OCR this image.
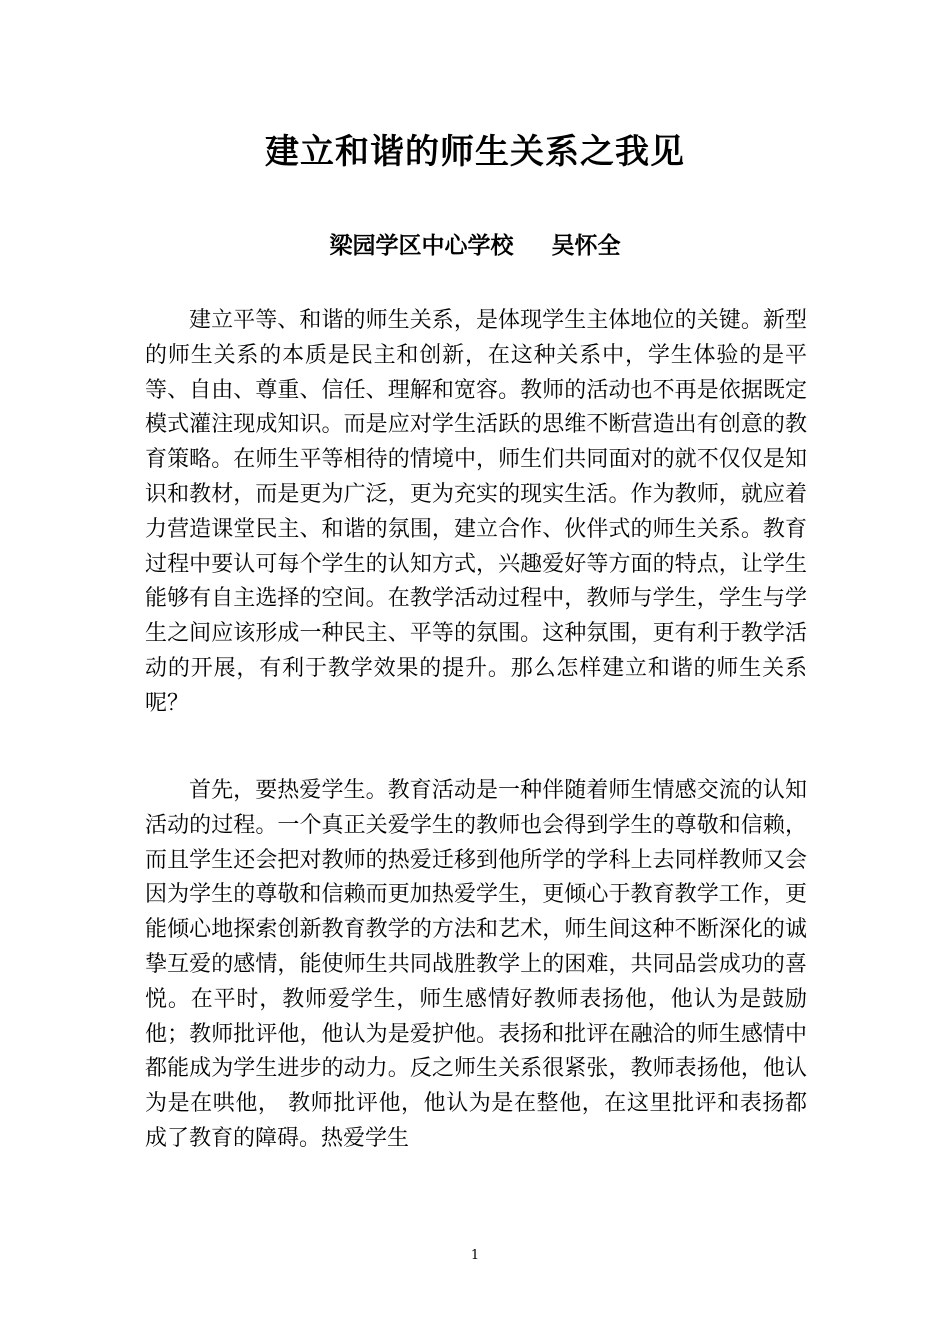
建立和谐的师生关系之我见
梁园学区中心学校 吴怀全

建立平等、和谐的师生关系，是体现学生主体地位的关键。新型的师生关系的本质是民主和创新，在这种关系中，学生体验的是平等、自由、尊重、信任、理解和宽容。教师的活动也不再是依据既定模式灌注现成知识。而是应对学生活跃的思维不断营造出有创意的教育策略。在师生平等相待的情境中，师生们共同面对的就不仅仅是知识和教材，而是更为广泛，更为充实的现实生活。作为教师，就应着力营造课堂民主、和谐的氛围，建立合作、伙伴式的师生关系。教育过程中要认可每个学生的认知方式，兴趣爱好等方面的特点，让学生能够有自主选择的空间。在教学活动过程中，教师与学生，学生与学生之间应该形成一种民主、平等的氛围。这种氛围，更有利于教学活动的开展，有利于教学效果的提升。那么怎样建立和谐的师生关系呢？

首先，要热爱学生。教育活动是一种伴随着师生情感交流的认知活动的过程。一个真正关爱学生的教师也会得到学生的尊敬和信赖，而且学生还会把对教师的热爱迁移到他所学的学科上去同样教师又会因为学生的尊敬和信赖而更加热爱学生，更倾心于教育教学工作，更能倾心地探索创新教育教学的方法和艺术，师生间这种不断深化的诚挚互爱的感情，能使师生共同战胜教学上的困难，共同品尝成功的喜悦。在平时，教师爱学生，师生感情好教师表扬他，他认为是鼓励他；教师批评他，他认为是爱护他。表扬和批评在融洽的师生感情中都能成为学生进步的动力。反之师生关系很紧张，教师表扬他，他认为是在哄他， 教师批评他，他认为是在整他，在这里批评和表扬都成了教育的障碍。热爱学生

1
